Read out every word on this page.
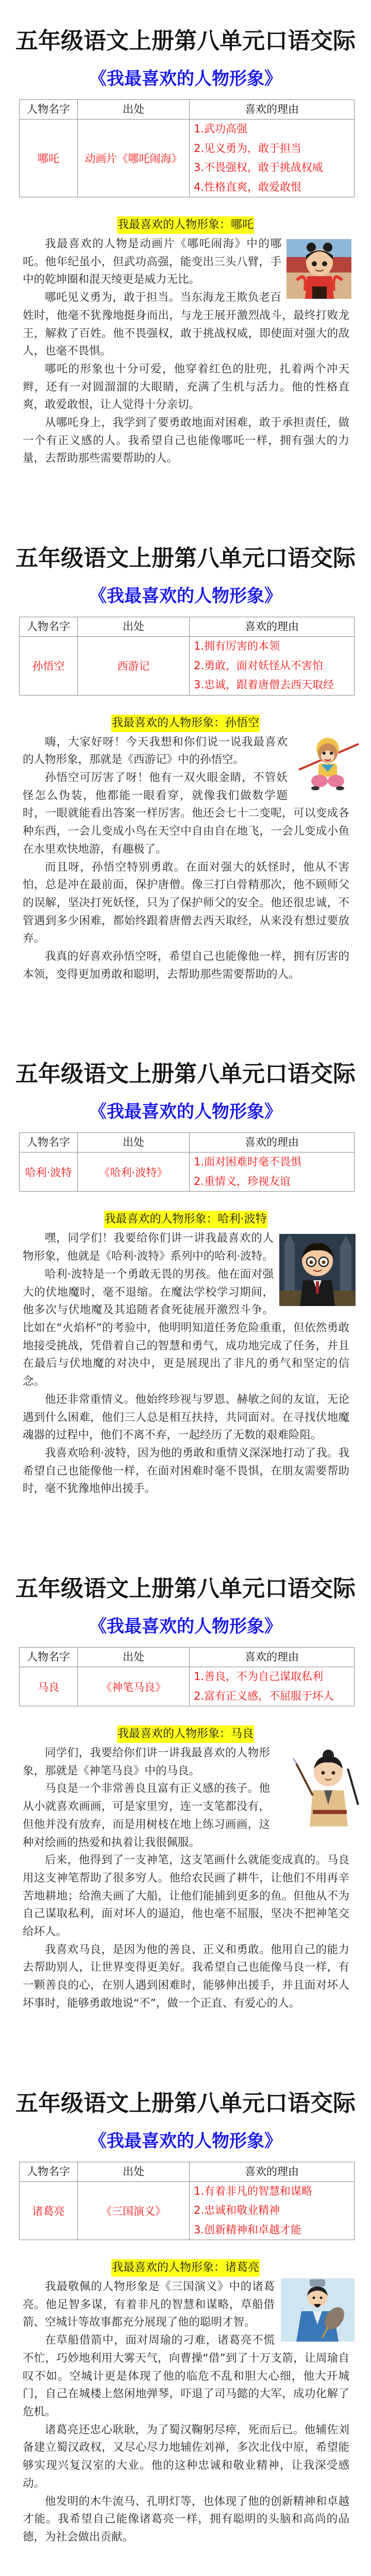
五年级语文上册第八单元口语交际
《我最喜欢的人物形象》
人物名字	出处	喜欢的理由
哪吒	动画片《哪吒闹海》	1.武功高强
2.见义勇为，敢于担当
3.不畏强权，敢于挑战权威
4.性格直爽，敢爱敢恨
我最喜欢的人物形象：哪吒

我最喜欢的人物是动画片《哪吒闹海》中的哪吒。他年纪虽小，但武功高强，能变出三头八臂，手中的乾坤圈和混天绫更是威力无比。

哪吒见义勇为，敢于担当。当东海龙王欺负老百姓时，他毫不犹豫地挺身而出，与龙王展开激烈战斗，最终打败龙王，解救了百姓。他不畏强权，敢于挑战权威，即使面对强大的敌人，也毫不畏惧。

哪吒的形象也十分可爱，他穿着红色的肚兜，扎着两个冲天辫，还有一对圆溜溜的大眼睛，充满了生机与活力。他的性格直爽，敢爱敢恨，让人觉得十分亲切。

从哪吒身上，我学到了要勇敢地面对困难，敢于承担责任，做一个有正义感的人。我希望自己也能像哪吒一样，拥有强大的力量，去帮助那些需要帮助的人。

五年级语文上册第八单元口语交际
《我最喜欢的人物形象》
人物名字	出处	喜欢的理由
孙悟空	西游记	1.拥有厉害的本领
2.勇敢，面对妖怪从不害怕
3.忠诚，跟着唐僧去西天取经
我最喜欢的人物形象：孙悟空

嗨，大家好呀！今天我想和你们说一说我最喜欢的人物形象，那就是《西游记》中的孙悟空。

孙悟空可厉害了呀！他有一双火眼金睛，不管妖怪怎么伪装，他都能一眼看穿，就像我们做数学题时，一眼就能看出答案一样厉害。他还会七十二变呢，可以变成各种东西，一会儿变成小鸟在天空中自由自在地飞，一会儿变成小鱼在水里欢快地游，有趣极了。

而且呀，孙悟空特别勇敢。在面对强大的妖怪时，他从不害怕，总是冲在最前面，保护唐僧。像三打白骨精那次，他不顾师父的误解，坚决打死妖怪，只为了保护师父的安全。他还很忠诚，不管遇到多少困难，都始终跟着唐僧去西天取经，从来没有想过要放弃。

我真的好喜欢孙悟空呀，希望自己也能像他一样，拥有厉害的本领，变得更加勇敢和聪明，去帮助那些需要帮助的人。

五年级语文上册第八单元口语交际
《我最喜欢的人物形象》
人物名字	出处	喜欢的理由
哈利·波特	《哈利·波特》	1.面对困难时毫不畏惧
2.重情义，珍视友谊
我最喜欢的人物形象：哈利·波特

嘿，同学们！我要给你们讲一讲我最喜欢的人物形象，他就是《哈利·波特》系列中的哈利·波特。

哈利·波特是一个勇敢无畏的男孩。他在面对强大的伏地魔时，毫不退缩。在魔法学校学习期间，他多次与伏地魔及其追随者食死徒展开激烈斗争。比如在“火焰杯”的考验中，他明明知道任务危险重重，但依然勇敢地接受挑战，凭借着自己的智慧和勇气，成功地完成了任务，并且在最后与伏地魔的对决中，更是展现出了非凡的勇气和坚定的信念。

他还非常重情义。他始终珍视与罗恩、赫敏之间的友谊，无论遇到什么困难，他们三人总是相互扶持，共同面对。在寻找伏地魔魂器的过程中，他们不离不弃，一起经历了无数的艰难险阻。

我喜欢哈利·波特，因为他的勇敢和重情义深深地打动了我。我希望自己也能像他一样，在面对困难时毫不畏惧，在朋友需要帮助时，毫不犹豫地伸出援手。

五年级语文上册第八单元口语交际
《我最喜欢的人物形象》
人物名字	出处	喜欢的理由
马良	《神笔马良》	1.善良，不为自己谋取私利
2.富有正义感，不屈服于坏人
我最喜欢的人物形象：马良

同学们，我要给你们讲一讲我最喜欢的人物形象，那就是《神笔马良》中的马良。

马良是一个非常善良且富有正义感的孩子。他从小就喜欢画画，可是家里穷，连一支笔都没有，但他并没有放弃，而是用树枝在地上练习画画，这种对绘画的热爱和执着让我很佩服。

后来，他得到了一支神笔，这支笔画什么就能变成真的。马良用这支神笔帮助了很多穷人。他给农民画了耕牛，让他们不用再辛苦地耕地；给渔夫画了大船，让他们能捕到更多的鱼。但他从不为自己谋取私利，面对坏人的逼迫，他也毫不屈服，坚决不把神笔交给坏人。

我喜欢马良，是因为他的善良、正义和勇敢。他用自己的能力去帮助别人，让世界变得更美好。我希望自己也能像马良一样，有一颗善良的心，在别人遇到困难时，能够伸出援手，并且面对坏人坏事时，能够勇敢地说“不”，做一个正直、有爱心的人。

五年级语文上册第八单元口语交际
《我最喜欢的人物形象》
人物名字	出处	喜欢的理由
诸葛亮	《三国演义》	1.有着非凡的智慧和谋略
2.忠诚和敬业精神
3.创新精神和卓越才能
我最喜欢的人物形象：诸葛亮

我最敬佩的人物形象是《三国演义》中的诸葛亮。他足智多谋，有着非凡的智慧和谋略，草船借箭、空城计等故事都充分展现了他的聪明才智。

在草船借箭中，面对周瑜的刁难，诸葛亮不慌不忙，巧妙地利用大雾天气，向曹操“借”到了十万支箭，让周瑜自叹不如。空城计更是体现了他的临危不乱和胆大心细，他大开城门，自己在城楼上悠闲地弹琴，吓退了司马懿的大军，成功化解了危机。

诸葛亮还忠心耿耿，为了蜀汉鞠躬尽瘁，死而后已。他辅佐刘备建立蜀汉政权，又尽心尽力地辅佐刘禅，多次北伐中原，希望能够实现兴复汉室的大业。他的这种忠诚和敬业精神，让我深受感动。

他发明的木牛流马、孔明灯等，也体现了他的创新精神和卓越才能。我希望自己能像诸葛亮一样，拥有聪明的头脑和高尚的品德，为社会做出贡献。
